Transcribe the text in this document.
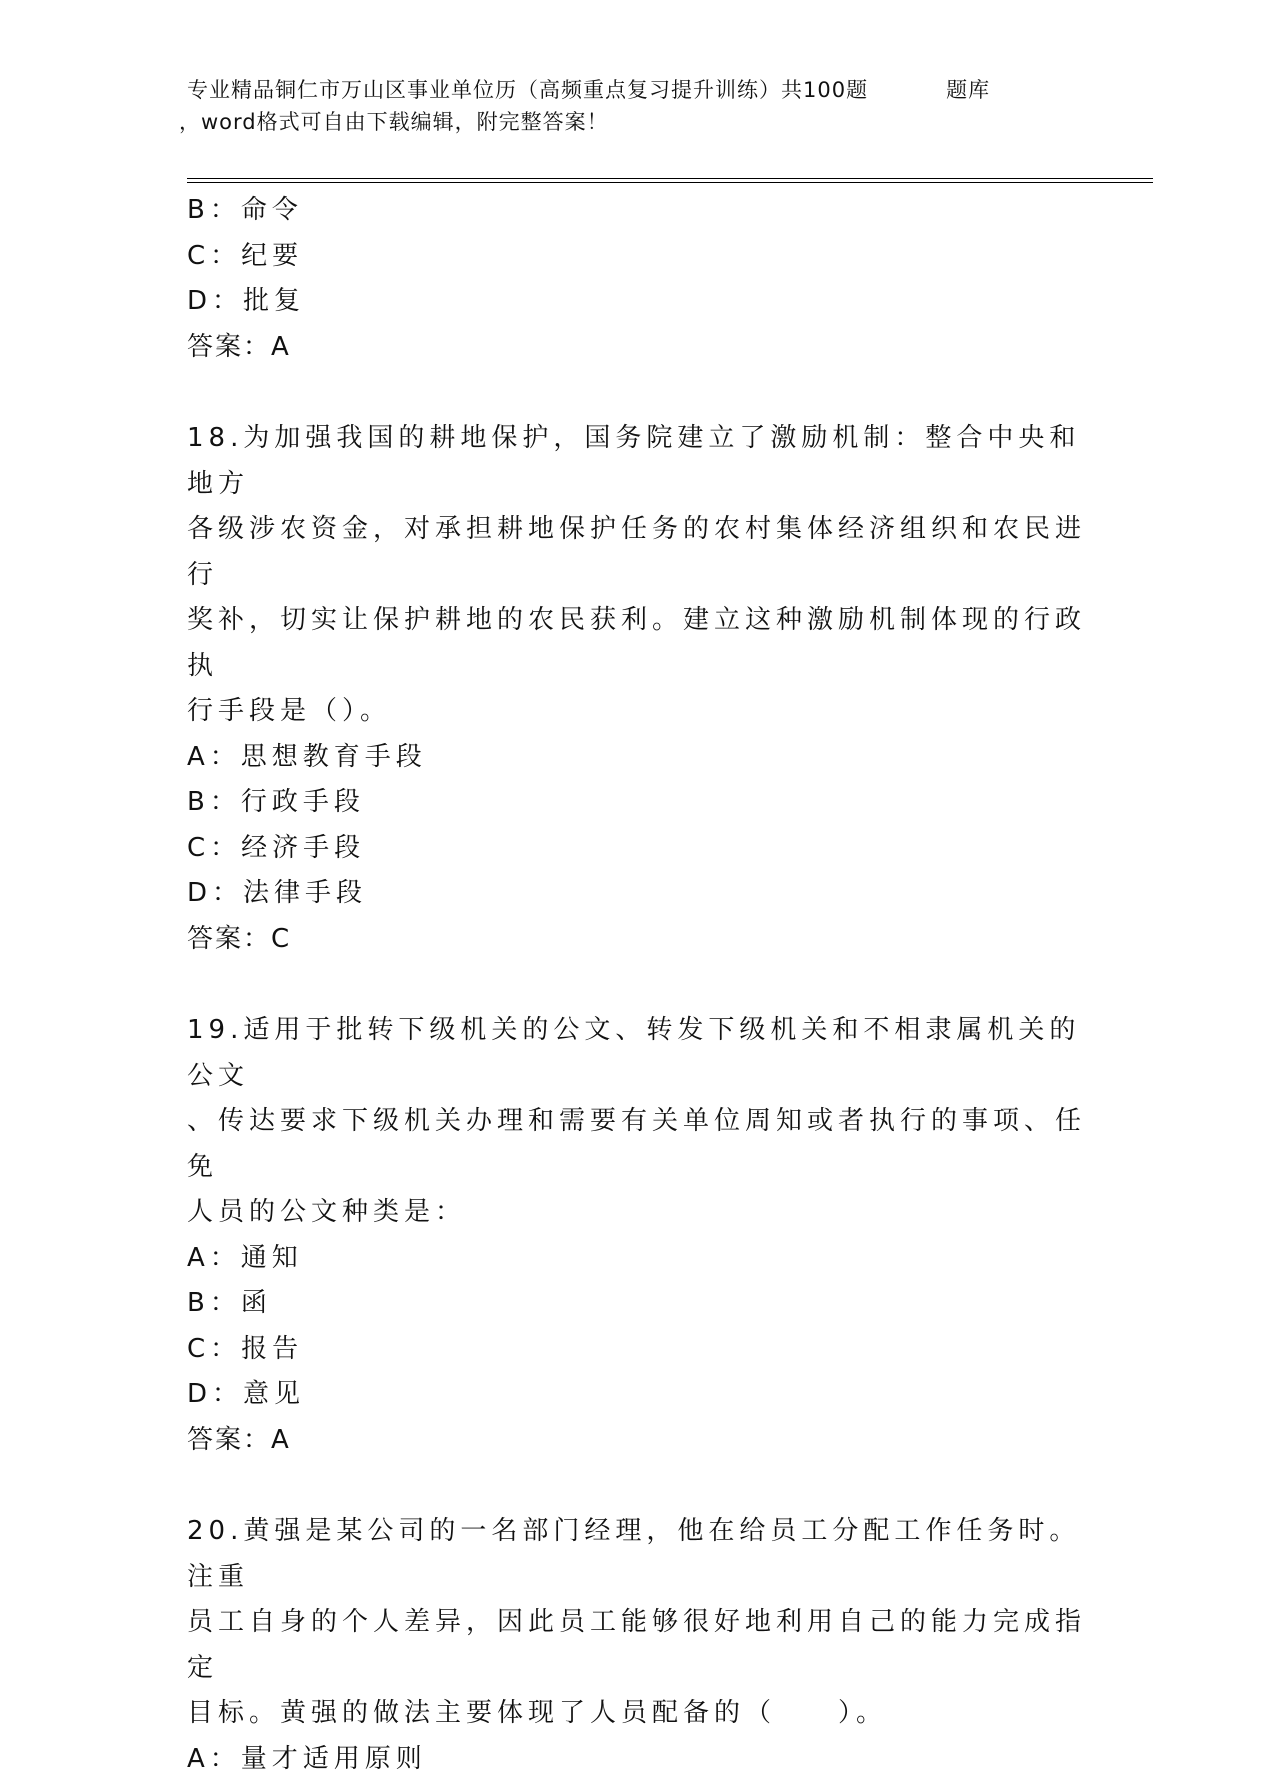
专业精品铜仁市万山区事业单位历（高频重点复习提升训练）共100题	题库
，word格式可自由下载编辑，附完整答案！
B：命令
C：纪要
D：批复
答案：A
18.为加强我国的耕地保护，国务院建立了激励机制：整合中央和地方
各级涉农资金，对承担耕地保护任务的农村集体经济组织和农民进行
奖补，切实让保护耕地的农民获利。建立这种激励机制体现的行政执
行手段是（）。
A：思想教育手段
B：行政手段
C：经济手段
D：法律手段
答案：C
19.适用于批转下级机关的公文、转发下级机关和不相隶属机关的公文
、传达要求下级机关办理和需要有关单位周知或者执行的事项、任免
人员的公文种类是：
A：通知
B：函
C：报告
D：意见
答案：A
20.黄强是某公司的一名部门经理，他在给员工分配工作任务时。注重
员工自身的个人差异，因此员工能够很好地利用自己的能力完成指定
目标。黄强的做法主要体现了人员配备的（　　）。
A：量才适用原则
